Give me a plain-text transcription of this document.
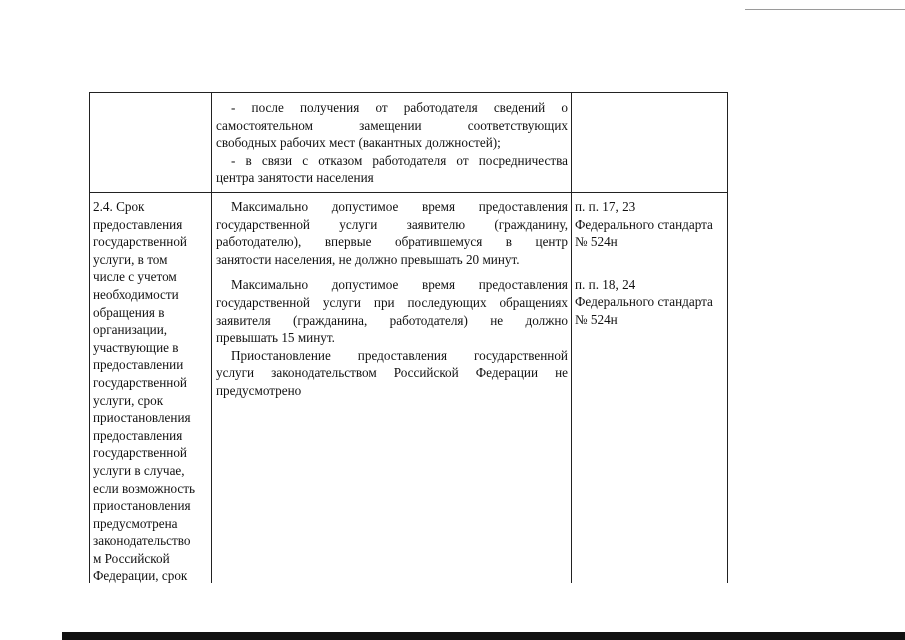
- после получения от работодателя сведений о

самостоятельном замещении соответствующих

свободных рабочих мест (вакантных должностей);

- в связи с отказом работодателя от посредничества

центра занятости населения

2.4. Срок
предоставления
государственной
услуги, в том
числе с учетом
необходимости
обращения в
организации,
участвующие в
предоставлении
государственной
услуги, срок
приостановления
предоставления
государственной
услуги в случае,
если возможность
приостановления
предусмотрена
законодательство
м Российской
Федерации, срок

Максимально допустимое время предоставления

государственной услуги заявителю (гражданину,

работодателю), впервые обратившемуся в центр

занятости населения, не должно превышать 20 минут.

Максимально допустимое время предоставления

государственной услуги при последующих обращениях

заявителя (гражданина, работодателя) не должно

превышать 15 минут.

Приостановление предоставления государственной

услуги законодательством Российской Федерации не

предусмотрено

п. п. 17, 23
Федерального стандарта
№ 524н
п. п. 18, 24
Федерального стандарта
№ 524н
